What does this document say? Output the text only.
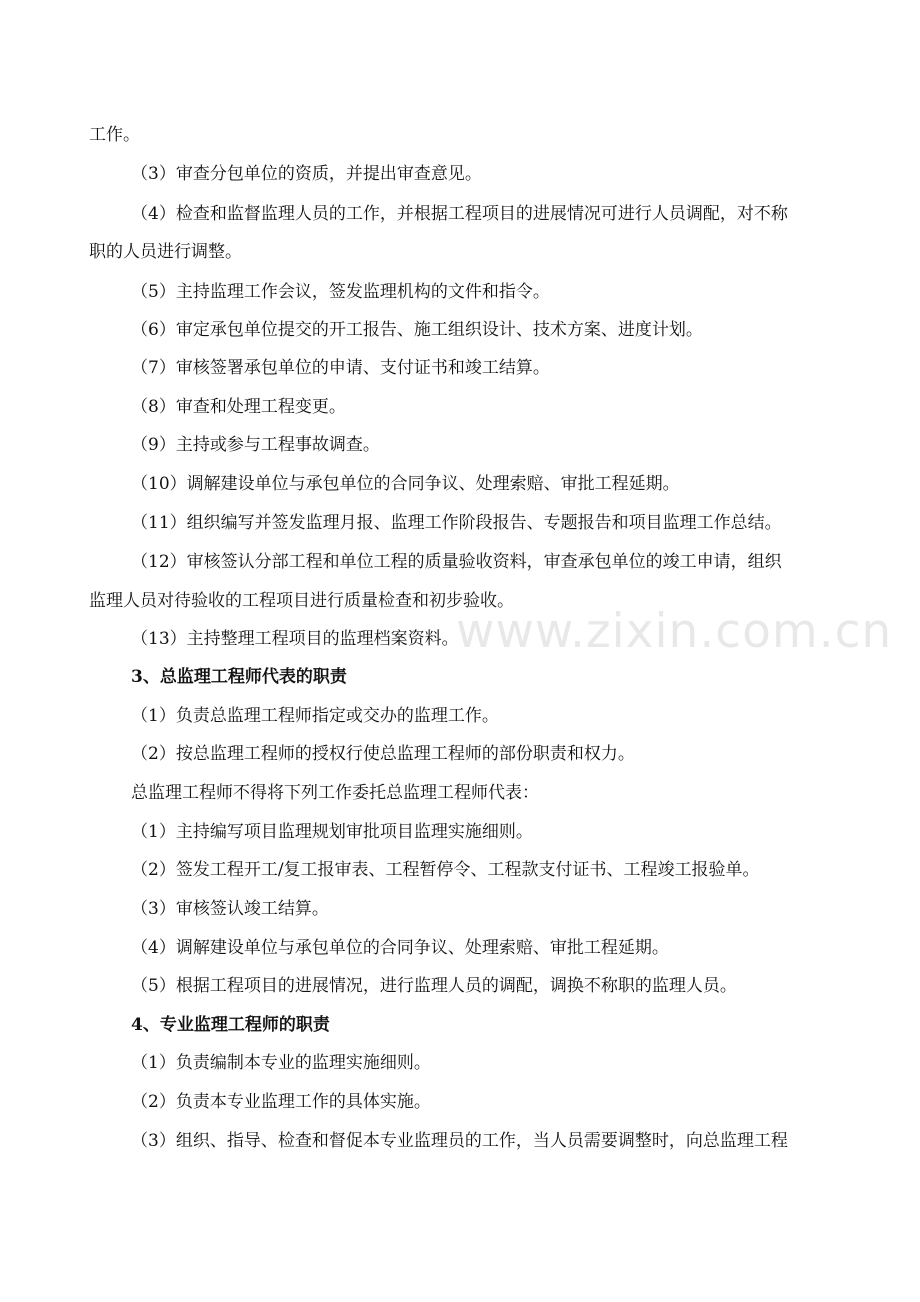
工作。
（3）审查分包单位的资质，并提出审查意见。
（4）检查和监督监理人员的工作，并根据工程项目的进展情况可进行人员调配，对不称
职的人员进行调整。
（5）主持监理工作会议，签发监理机构的文件和指令。
（6）审定承包单位提交的开工报告、施工组织设计、技术方案、进度计划。
（7）审核签署承包单位的申请、支付证书和竣工结算。
（8）审查和处理工程变更。
（9）主持或参与工程事故调查。
（10）调解建设单位与承包单位的合同争议、处理索赔、审批工程延期。
（11）组织编写并签发监理月报、监理工作阶段报告、专题报告和项目监理工作总结。
（12）审核签认分部工程和单位工程的质量验收资料，审查承包单位的竣工申请，组织
监理人员对待验收的工程项目进行质量检查和初步验收。
（13）主持整理工程项目的监理档案资料。
3、总监理工程师代表的职责
（1）负责总监理工程师指定或交办的监理工作。
（2）按总监理工程师的授权行使总监理工程师的部份职责和权力。
总监理工程师不得将下列工作委托总监理工程师代表：
（1）主持编写项目监理规划审批项目监理实施细则。
（2）签发工程开工/复工报审表、工程暂停令、工程款支付证书、工程竣工报验单。
（3）审核签认竣工结算。
（4）调解建设单位与承包单位的合同争议、处理索赔、审批工程延期。
（5）根据工程项目的进展情况，进行监理人员的调配，调换不称职的监理人员。
4、专业监理工程师的职责
（1）负责编制本专业的监理实施细则。
（2）负责本专业监理工作的具体实施。
（3）组织、指导、检查和督促本专业监理员的工作，当人员需要调整时，向总监理工程
www.zixin.com.cn
